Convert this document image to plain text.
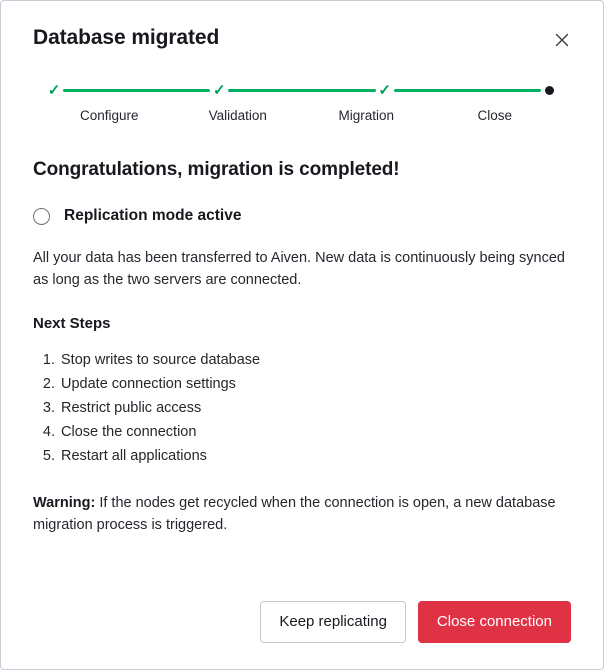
Database migrated
✓	✓	✓
Configure	Validation	Migration	Close
Congratulations, migration is completed!
Replication mode active
All your data has been transferred to Aiven. New data is continuously being synced as long as the two servers are connected.
Next Steps
1. Stop writes to source database
2. Update connection settings
3. Restrict public access
4. Close the connection
5. Restart all applications
Warning: If the nodes get recycled when the connection is open, a new database migration process is triggered.
Keep replicating	Close connection
